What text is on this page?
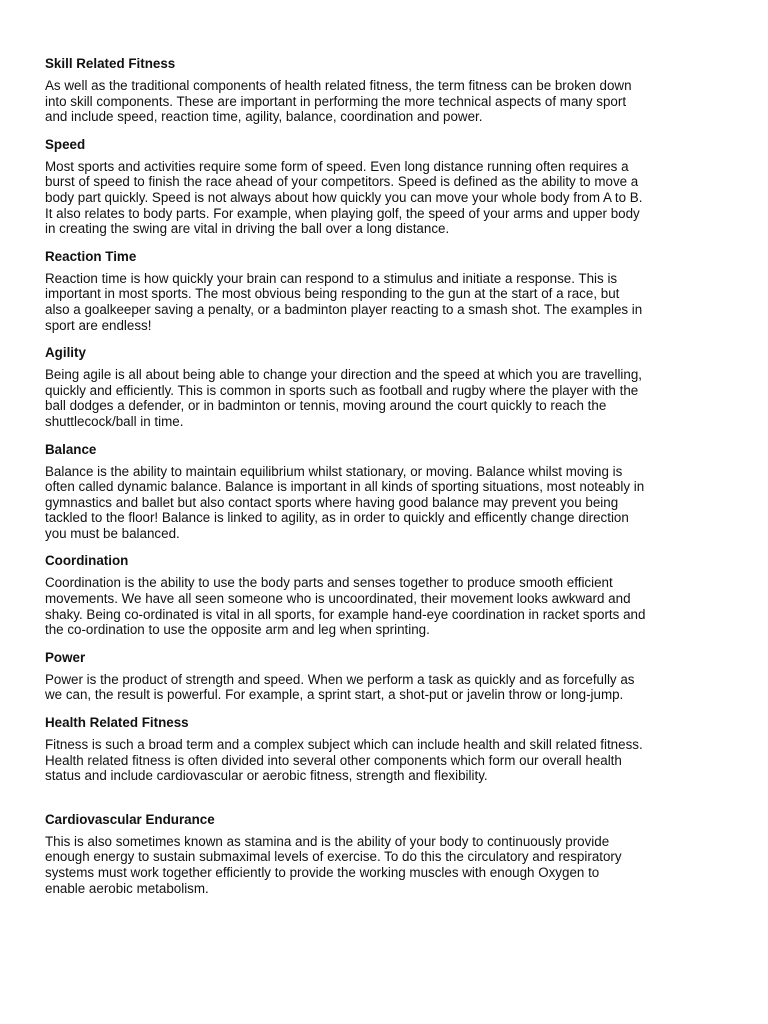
Skill Related Fitness
As well as the traditional components of health related fitness, the term fitness can be broken down
into skill components. These are important in performing the more technical aspects of many sport
and include speed, reaction time, agility, balance, coordination and power.
Speed
Most sports and activities require some form of speed. Even long distance running often requires a
burst of speed to finish the race ahead of your competitors. Speed is defined as the ability to move a
body part quickly. Speed is not always about how quickly you can move your whole body from A to B.
It also relates to body parts. For example, when playing golf, the speed of your arms and upper body
in creating the swing are vital in driving the ball over a long distance.
Reaction Time
Reaction time is how quickly your brain can respond to a stimulus and initiate a response. This is
important in most sports. The most obvious being responding to the gun at the start of a race, but
also a goalkeeper saving a penalty, or a badminton player reacting to a smash shot. The examples in
sport are endless!
Agility
Being agile is all about being able to change your direction and the speed at which you are travelling,
quickly and efficiently. This is common in sports such as football and rugby where the player with the
ball dodges a defender, or in badminton or tennis, moving around the court quickly to reach the
shuttlecock/ball in time.
Balance
Balance is the ability to maintain equilibrium whilst stationary, or moving. Balance whilst moving is
often called dynamic balance. Balance is important in all kinds of sporting situations, most noteably in
gymnastics and ballet but also contact sports where having good balance may prevent you being
tackled to the floor! Balance is linked to agility, as in order to quickly and efficently change direction
you must be balanced.
Coordination
Coordination is the ability to use the body parts and senses together to produce smooth efficient
movements. We have all seen someone who is uncoordinated, their movement looks awkward and
shaky. Being co-ordinated is vital in all sports, for example hand-eye coordination in racket sports and
the co-ordination to use the opposite arm and leg when sprinting.
Power
Power is the product of strength and speed. When we perform a task as quickly and as forcefully as
we can, the result is powerful. For example, a sprint start, a shot-put or javelin throw or long-jump.
Health Related Fitness
Fitness is such a broad term and a complex subject which can include health and skill related fitness.
Health related fitness is often divided into several other components which form our overall health
status and include cardiovascular or aerobic fitness, strength and flexibility.
Cardiovascular Endurance
This is also sometimes known as stamina and is the ability of your body to continuously provide
enough energy to sustain submaximal levels of exercise. To do this the circulatory and respiratory
systems must work together efficiently to provide the working muscles with enough Oxygen to
enable aerobic metabolism.
